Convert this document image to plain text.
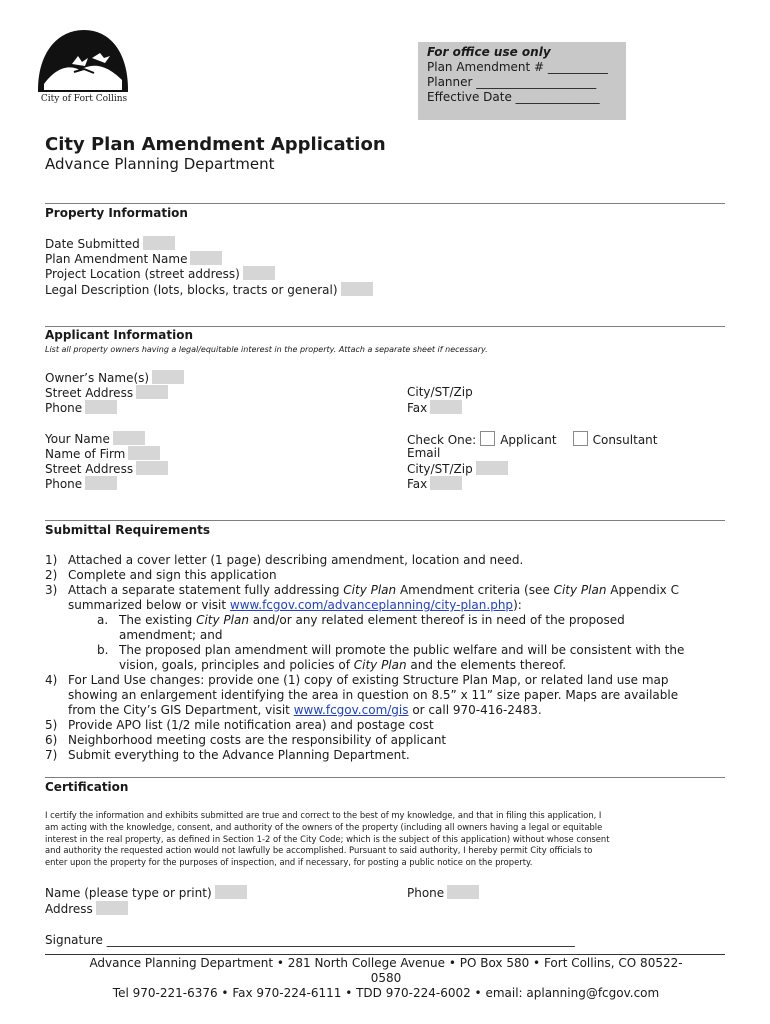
City of Fort Collins
For office use only
Plan Amendment # __________
Planner ____________________
Effective Date ______________
City Plan Amendment Application
Advance Planning Department
Property Information
Date Submitted
Plan Amendment Name
Project Location (street address)
Legal Description (lots, blocks, tracts or general)
Applicant Information
List all property owners having a legal/equitable interest in the property. Attach a separate sheet if necessary.
Owner’s Name(s)
Street Address
Phone
City/ST/Zip
Fax
Your Name
Name of Firm
Street Address
Phone
Check One: Applicant	Consultant
Email
City/ST/Zip
Fax
Submittal Requirements
1) Attached a cover letter (1 page) describing amendment, location and need.
2) Complete and sign this application
3) Attach a separate statement fully addressing City Plan Amendment criteria (see City Plan Appendix C
summarized below or visit www.fcgov.com/advanceplanning/city-plan.php):
a. The existing City Plan and/or any related element thereof is in need of the proposed
amendment; and
b. The proposed plan amendment will promote the public welfare and will be consistent with the
vision, goals, principles and policies of City Plan and the elements thereof.
4) For Land Use changes: provide one (1) copy of existing Structure Plan Map, or related land use map
showing an enlargement identifying the area in question on 8.5” x 11” size paper. Maps are available
from the City’s GIS Department, visit www.fcgov.com/gis or call 970-416-2483.
5) Provide APO list (1/2 mile notification area) and postage cost
6) Neighborhood meeting costs are the responsibility of applicant
7) Submit everything to the Advance Planning Department.
Certification
I certify the information and exhibits submitted are true and correct to the best of my knowledge, and that in filing this application, I
am acting with the knowledge, consent, and authority of the owners of the property (including all owners having a legal or equitable
interest in the real property, as defined in Section 1-2 of the City Code; which is the subject of this application) without whose consent
and authority the requested action would not lawfully be accomplished. Pursuant to said authority, I hereby permit City officials to
enter upon the property for the purposes of inspection, and if necessary, for posting a public notice on the property.
Name (please type or print)	Phone
Address
Signature ______________________________________________________________________________
Advance Planning Department • 281 North College Avenue • PO Box 580 • Fort Collins, CO 80522-
0580
Tel 970-221-6376 • Fax 970-224-6111 • TDD 970-224-6002 • email: aplanning@fcgov.com
